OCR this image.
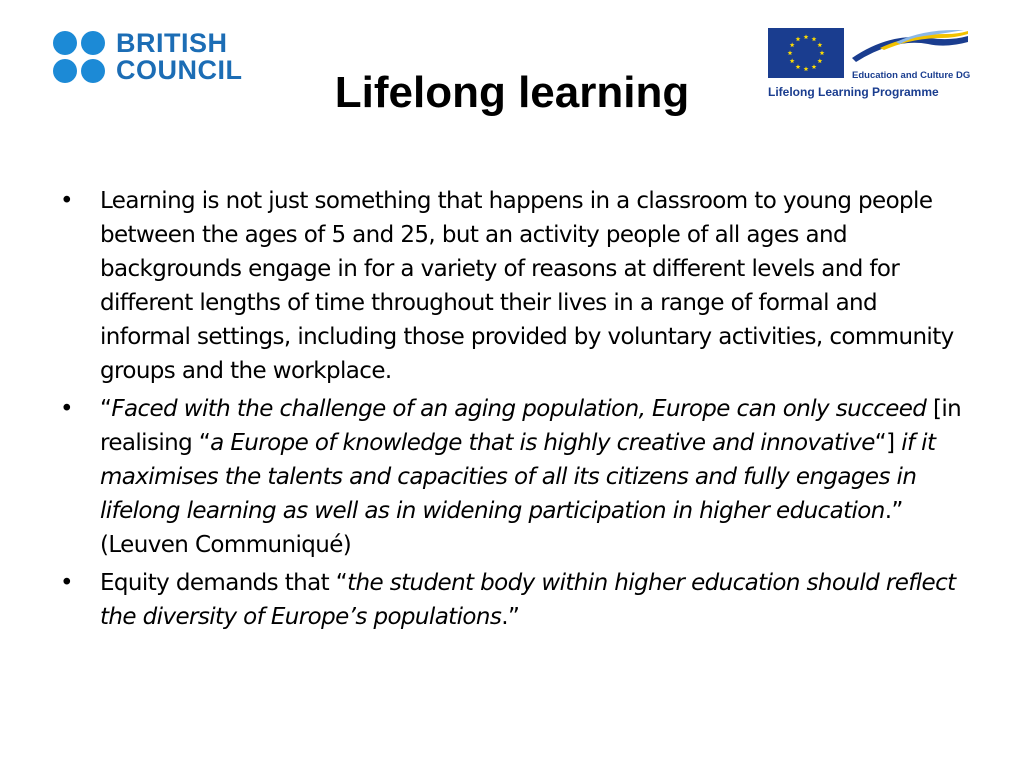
BRITISH
COUNCIL	Lifelong learning	Education and Culture DG
Lifelong Learning Programme
•	Learning is not just something that happens in a classroom to young people between the ages of 5 and 25, but an activity people of all ages and backgrounds engage in for a variety of reasons at different levels and for different lengths of time throughout their lives in a range of formal and informal settings, including those provided by voluntary activities, community groups and the workplace.
•	“Faced with the challenge of an aging population, Europe can only succeed [in realising “a Europe of knowledge that is highly creative and innovative“] if it maximises the talents and capacities of all its citizens and fully engages in lifelong learning as well as in widening participation in higher education.” (Leuven Communiqué)
•	Equity demands that “the student body within higher education should reflect the diversity of Europe’s populations.”
